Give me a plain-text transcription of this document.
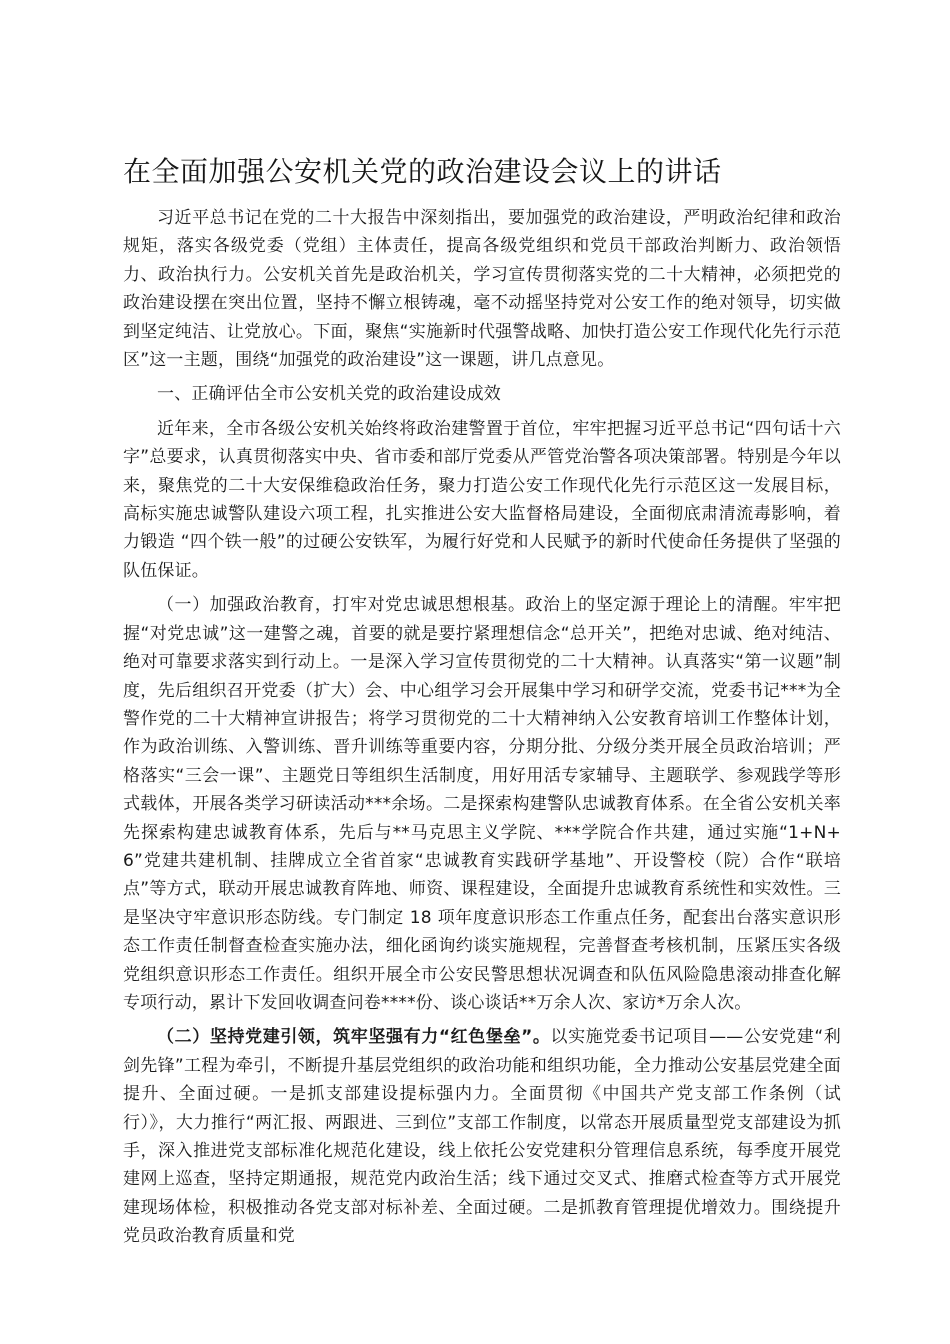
在全面加强公安机关党的政治建设会议上的讲话

习近平总书记在党的二十大报告中深刻指出，要加强党的政治建设，严明政治纪律和政治规矩，落实各级党委（党组）主体责任，提高各级党组织和党员干部政治判断力、政治领悟力、政治执行力。公安机关首先是政治机关，学习宣传贯彻落实党的二十大精神，必须把党的政治建设摆在突出位置，坚持不懈立根铸魂，毫不动摇坚持党对公安工作的绝对领导，切实做到坚定纯洁、让党放心。下面，聚焦“实施新时代强警战略、加快打造公安工作现代化先行示范区”这一主题，围绕“加强党的政治建设”这一课题，讲几点意见。

一、正确评估全市公安机关党的政治建设成效

近年来，全市各级公安机关始终将政治建警置于首位，牢牢把握习近平总书记“四句话十六字”总要求，认真贯彻落实中央、省市委和部厅党委从严管党治警各项决策部署。特别是今年以来，聚焦党的二十大安保维稳政治任务，聚力打造公安工作现代化先行示范区这一发展目标，高标实施忠诚警队建设六项工程，扎实推进公安大监督格局建设，全面彻底肃清流毒影响，着力锻造 “四个铁一般”的过硬公安铁军，为履行好党和人民赋予的新时代使命任务提供了坚强的队伍保证。

（一）加强政治教育，打牢对党忠诚思想根基。政治上的坚定源于理论上的清醒。牢牢把握“对党忠诚”这一建警之魂，首要的就是要拧紧理想信念“总开关”，把绝对忠诚、绝对纯洁、绝对可靠要求落实到行动上。一是深入学习宣传贯彻党的二十大精神。认真落实“第一议题”制度，先后组织召开党委（扩大）会、中心组学习会开展集中学习和研学交流，党委书记***为全警作党的二十大精神宣讲报告；将学习贯彻党的二十大精神纳入公安教育培训工作整体计划，作为政治训练、入警训练、晋升训练等重要内容，分期分批、分级分类开展全员政治培训；严格落实“三会一课”、主题党日等组织生活制度，用好用活专家辅导、主题联学、参观践学等形式载体，开展各类学习研读活动***余场。二是探索构建警队忠诚教育体系。在全省公安机关率先探索构建忠诚教育体系，先后与**马克思主义学院、***学院合作共建，通过实施“1+N+6”党建共建机制、挂牌成立全省首家“忠诚教育实践研学基地”、开设警校（院）合作“联培点”等方式，联动开展忠诚教育阵地、师资、课程建设，全面提升忠诚教育系统性和实效性。三是坚决守牢意识形态防线。专门制定 18 项年度意识形态工作重点任务，配套出台落实意识形态工作责任制督查检查实施办法，细化函询约谈实施规程，完善督查考核机制，压紧压实各级党组织意识形态工作责任。组织开展全市公安民警思想状况调查和队伍风险隐患滚动排查化解专项行动，累计下发回收调查问卷****份、谈心谈话**万余人次、家访*万余人次。

（二）坚持党建引领，筑牢坚强有力“红色堡垒”。以实施党委书记项目——公安党建“利剑先锋”工程为牵引，不断提升基层党组织的政治功能和组织功能，全力推动公安基层党建全面提升、全面过硬。一是抓支部建设提标强内力。全面贯彻《中国共产党支部工作条例（试行）》，大力推行“两汇报、两跟进、三到位”支部工作制度，以常态开展质量型党支部建设为抓手，深入推进党支部标准化规范化建设，线上依托公安党建积分管理信息系统，每季度开展党建网上巡查，坚持定期通报，规范党内政治生活；线下通过交叉式、推磨式检查等方式开展党建现场体检，积极推动各党支部对标补差、全面过硬。二是抓教育管理提优增效力。围绕提升党员政治教育质量和党
